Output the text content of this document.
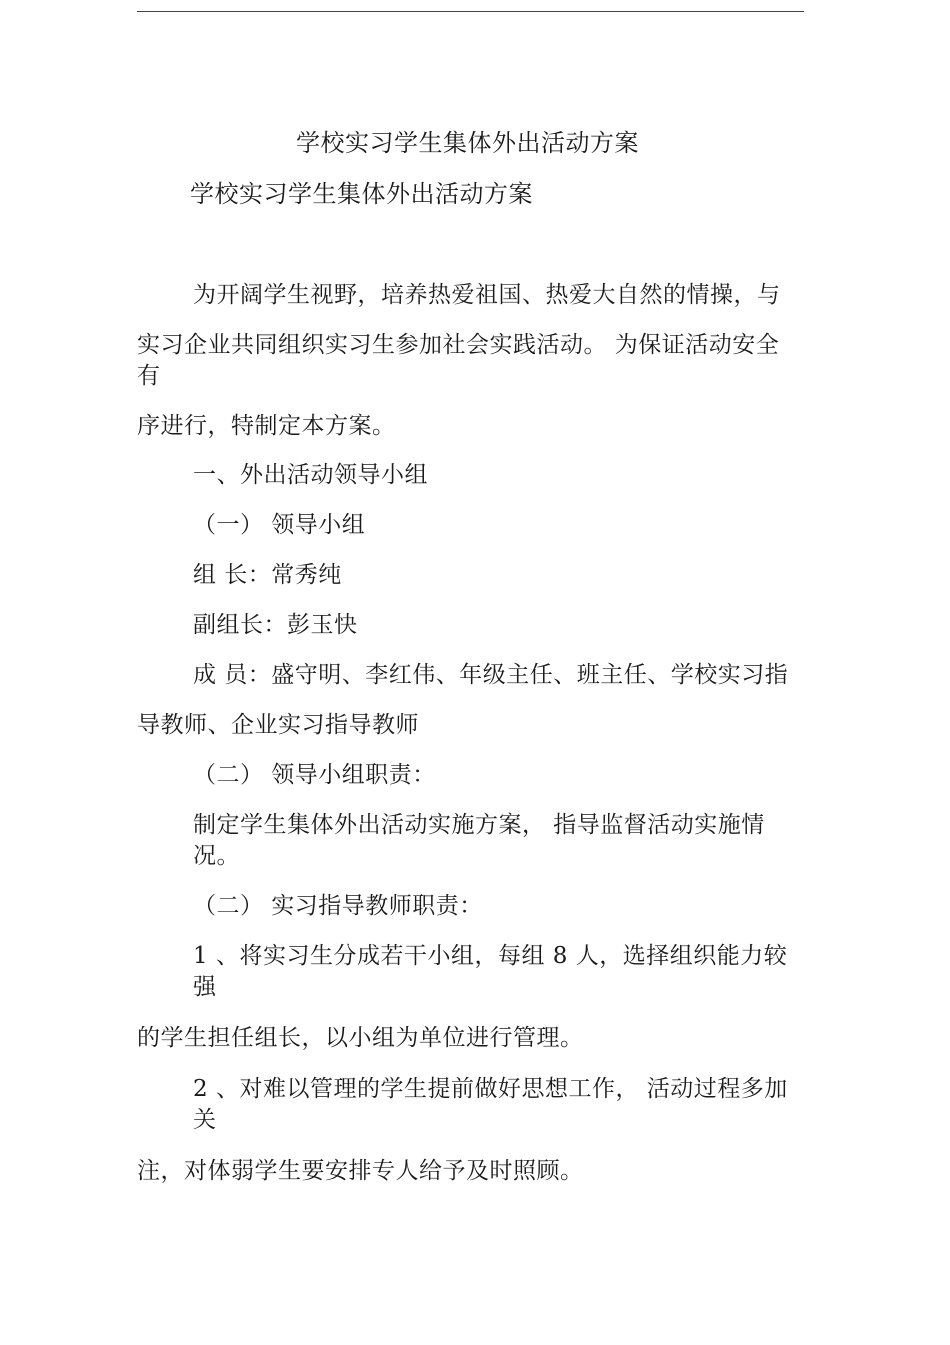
学校实习学生集体外出活动方案
学校实习学生集体外出活动方案
为开阔学生视野，培养热爱祖国、热爱大自然的情操，与
实习企业共同组织实习生参加社会实践活动。 为保证活动安全
有
序进行，特制定本方案。
一、外出活动领导小组
（一） 领导小组
组 长：常秀纯
副组长：彭玉快
成 员：盛守明、李红伟、年级主任、班主任、学校实习指
导教师、企业实习指导教师
（二） 领导小组职责：
制定学生集体外出活动实施方案， 指导监督活动实施情
况。
（二） 实习指导教师职责：
1 、将实习生分成若干小组，每组 8 人，选择组织能力较
强
的学生担任组长，以小组为单位进行管理。
2 、对难以管理的学生提前做好思想工作， 活动过程多加
关
注，对体弱学生要安排专人给予及时照顾。
